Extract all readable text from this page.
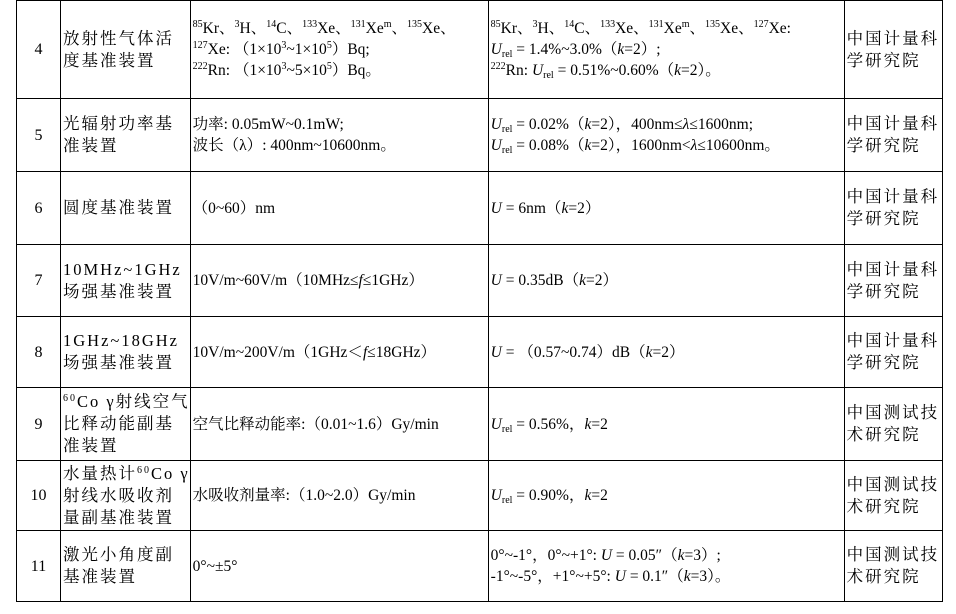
4	放射性气体活
度基准装置	$^{85}$Kr、$^3$H、$^{14}$C、$^{133}$Xe、$^{131}$Xe$^m$、$^{135}$Xe、
$^{127}$Xe: $(1\times 10^3\sim 1\times 10^5)Bq$;
$^{222}$Rn: $(1\times 10^3\sim 5\times 10^5)Bq$。	$^{85}$Kr、$^3$H、$^{14}$C、$^{133}$Xe、$^{131}$Xe$^m$、$^{135}$Xe、$^{127}$Xe:
$U_{rel}$ = 1.4%~3.0%（k=2）;
$^{222}$Rn: $U_{rel}$ = 0.51%~0.60%（k=2）。	中国计量科
学研究院

5	光辐射功率基
准装置	功率: 0.05mW~0.1mW;
波长（λ）: 400nm~10600nm。	$U_{rel} = 0.02\%(k=2)$，400nm≤λ≤1600nm;
$U_{rel} = 0.08\%(k=2)$，1600nm<λ≤10600nm。	中国计量科
学研究院

6	圆度基准装置	（0~60）nm	U = 6nm（k=2）	中国计量科
学研究院

7	10MHz~1GHz
场强基准装置	10V/m~60V/m（10MHz≤f≤1GHz）	U = 0.35dB（k=2）	中国计量科
学研究院

8	1GHz~18GHz
场强基准装置	10V/m~200V/m（1GHz＜f≤18GHz）	U = （0.57~0.74）dB（k=2）	中国计量科
学研究院

9	$^{60}$Co γ射线空气
比释动能副基
准装置	空气比释动能率:（0.01~1.6）Gy/min	$U_{rel} = 0.56\%$，k=2	中国测试技
术研究院

10	水量热计$^{60}$Co γ
射线水吸收剂
量副基准装置	水吸收剂量率:（1.0~2.0）Gy/min	$U_{rel} = 0.90\%$，k=2	中国测试技
术研究院

11	激光小角度副
基准装置	0°~±5°	0°~-1°，0°~+1°: U = 0.05″（k=3）;
-1°~-5°，+1°~+5°: U = 0.1″（k=3）。	中国测试技
术研究院
